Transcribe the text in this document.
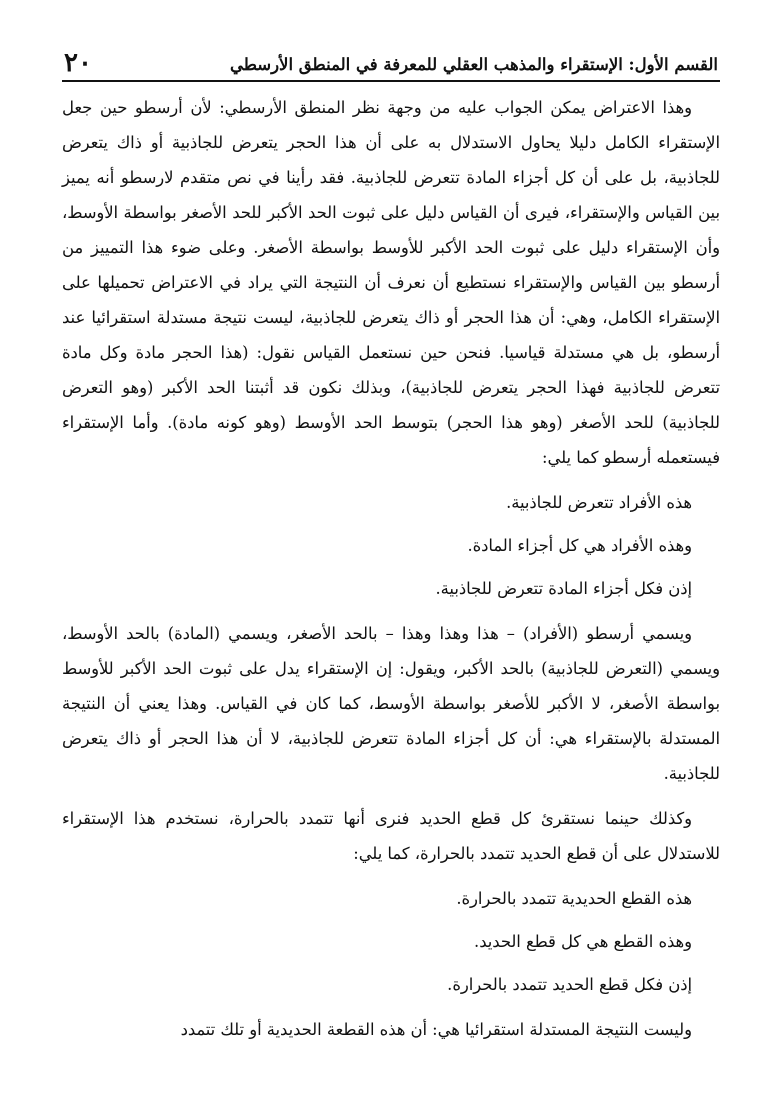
القسم الأول: الإستقراء والمذهب العقلي للمعرفة في المنطق الأرسطي
٢٠

وهذا الاعتراض يمكن الجواب عليه من وجهة نظر المنطق الأرسطي: لأن أرسطو حين جعل الإستقراء الكامل دليلا يحاول الاستدلال به على أن هذا الحجر يتعرض للجاذبية أو ذاك يتعرض للجاذبية، بل على أن كل أجزاء المادة تتعرض للجاذبية. فقد رأينا في نص متقدم لارسطو أنه يميز بين القياس والإستقراء، فيرى أن القياس دليل على ثبوت الحد الأكبر للحد الأصغر بواسطة الأوسط، وأن الإستقراء دليل على ثبوت الحد الأكبر للأوسط بواسطة الأصغر. وعلى ضوء هذا التمييز من أرسطو بين القياس والإستقراء نستطيع أن نعرف أن النتيجة التي يراد في الاعتراض تحميلها على الإستقراء الكامل، وهي: أن هذا الحجر أو ذاك يتعرض للجاذبية، ليست نتيجة مستدلة استقرائيا عند أرسطو، بل هي مستدلة قياسيا. فنحن حين نستعمل القياس نقول: (هذا الحجر مادة وكل مادة تتعرض للجاذبية فهذا الحجر يتعرض للجاذبية)، وبذلك نكون قد أثبتنا الحد الأكبر (وهو التعرض للجاذبية) للحد الأصغر (وهو هذا الحجر) بتوسط الحد الأوسط (وهو كونه مادة). وأما الإستقراء فيستعمله أرسطو كما يلي:

هذه الأفراد تتعرض للجاذبية.

وهذه الأفراد هي كل أجزاء المادة.

إذن فكل أجزاء المادة تتعرض للجاذبية.

ويسمي أرسطو (الأفراد) – هذا وهذا وهذا – بالحد الأصغر، ويسمي (المادة) بالحد الأوسط، ويسمي (التعرض للجاذبية) بالحد الأكبر، ويقول: إن الإستقراء يدل على ثبوت الحد الأكبر للأوسط بواسطة الأصغر، لا الأكبر للأصغر بواسطة الأوسط، كما كان في القياس. وهذا يعني أن النتيجة المستدلة بالإستقراء هي: أن كل أجزاء المادة تتعرض للجاذبية، لا أن هذا الحجر أو ذاك يتعرض للجاذبية.

وكذلك حينما نستقرئ كل قطع الحديد فنرى أنها تتمدد بالحرارة، نستخدم هذا الإستقراء للاستدلال على أن قطع الحديد تتمدد بالحرارة، كما يلي:

هذه القطع الحديدية تتمدد بالحرارة.

وهذه القطع هي كل قطع الحديد.

إذن فكل قطع الحديد تتمدد بالحرارة.

وليست النتيجة المستدلة استقرائيا هي: أن هذه القطعة الحديدية أو تلك تتمدد
